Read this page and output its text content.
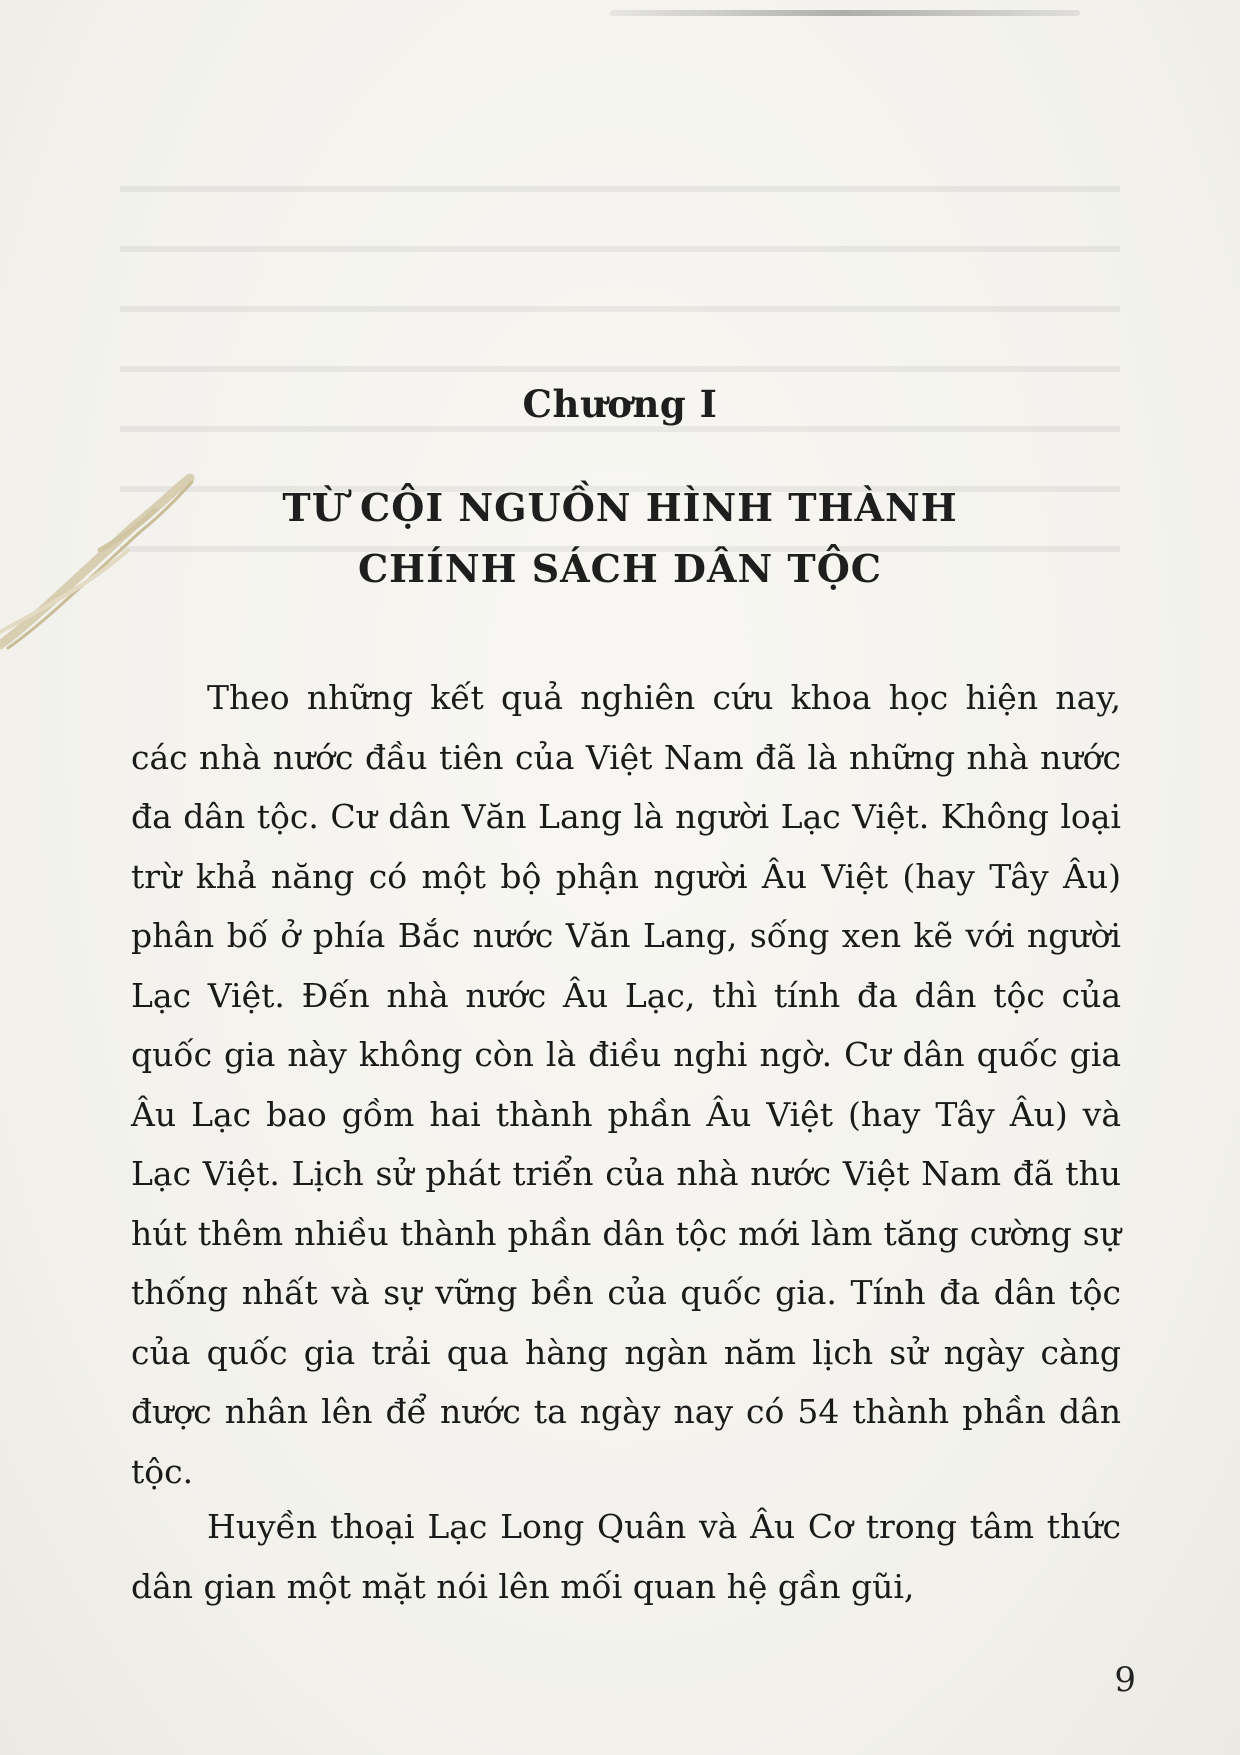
Chương I
TỪ CỘI NGUỒN HÌNH THÀNH
CHÍNH SÁCH DÂN TỘC

Theo những kết quả nghiên cứu khoa học hiện nay, các nhà nước đầu tiên của Việt Nam đã là những nhà nước đa dân tộc. Cư dân Văn Lang là người Lạc Việt. Không loại trừ khả năng có một bộ phận người Âu Việt (hay Tây Âu) phân bố ở phía Bắc nước Văn Lang, sống xen kẽ với người Lạc Việt. Đến nhà nước Âu Lạc, thì tính đa dân tộc của quốc gia này không còn là điều nghi ngờ. Cư dân quốc gia Âu Lạc bao gồm hai thành phần Âu Việt (hay Tây Âu) và Lạc Việt. Lịch sử phát triển của nhà nước Việt Nam đã thu hút thêm nhiều thành phần dân tộc mới làm tăng cường sự thống nhất và sự vững bền của quốc gia. Tính đa dân tộc của quốc gia trải qua hàng ngàn năm lịch sử ngày càng được nhân lên để nước ta ngày nay có 54 thành phần dân tộc.

Huyền thoại Lạc Long Quân và Âu Cơ trong tâm thức dân gian một mặt nói lên mối quan hệ gần gũi,

9
